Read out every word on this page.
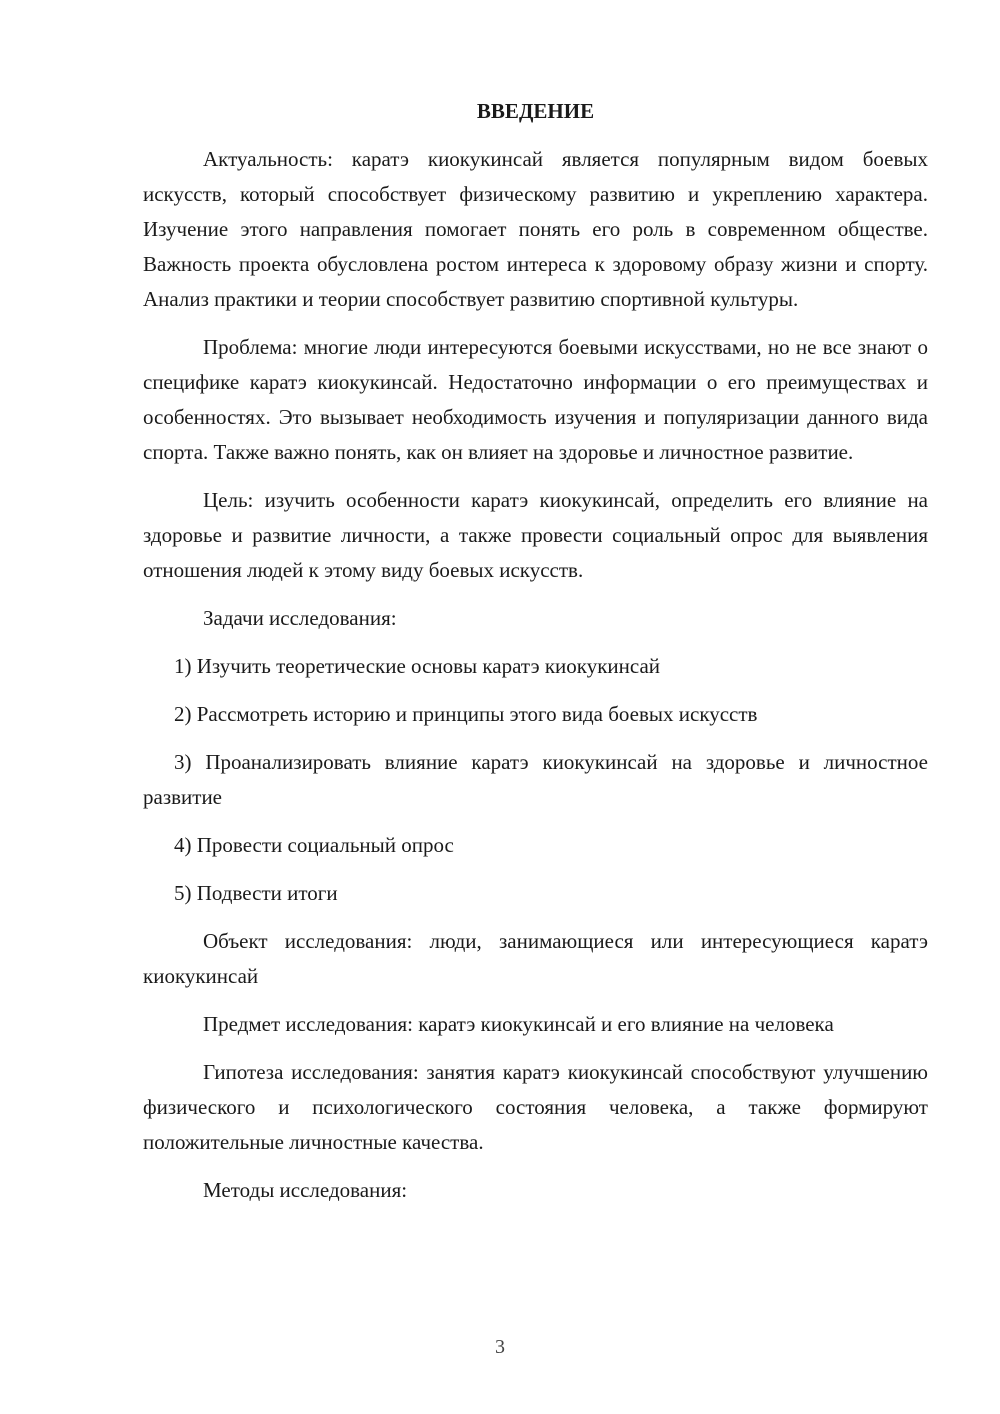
ВВЕДЕНИЕ

Актуальность: каратэ киокукинсай является популярным видом боевых искусств, который способствует физическому развитию и укреплению характера. Изучение этого направления помогает понять его роль в современном обществе. Важность проекта обусловлена ростом интереса к здоровому образу жизни и спорту. Анализ практики и теории способствует развитию спортивной культуры.

Проблема: многие люди интересуются боевыми искусствами, но не все знают о специфике каратэ киокукинсай. Недостаточно информации о его преимуществах и особенностях. Это вызывает необходимость изучения и популяризации данного вида спорта. Также важно понять, как он влияет на здоровье и личностное развитие.

Цель: изучить особенности каратэ киокукинсай, определить его влияние на здоровье и развитие личности, а также провести социальный опрос для выявления отношения людей к этому виду боевых искусств.

Задачи исследования:

1) Изучить теоретические основы каратэ киокукинсай

2) Рассмотреть историю и принципы этого вида боевых искусств

3) Проанализировать влияние каратэ киокукинсай на здоровье и личностное развитие

4) Провести социальный опрос

5) Подвести итоги

Объект исследования: люди, занимающиеся или интересующиеся каратэ киокукинсай

Предмет исследования: каратэ киокукинсай и его влияние на человека

Гипотеза исследования: занятия каратэ киокукинсай способствуют улучшению физического и психологического состояния человека, а также формируют положительные личностные качества.

Методы исследования:

3
